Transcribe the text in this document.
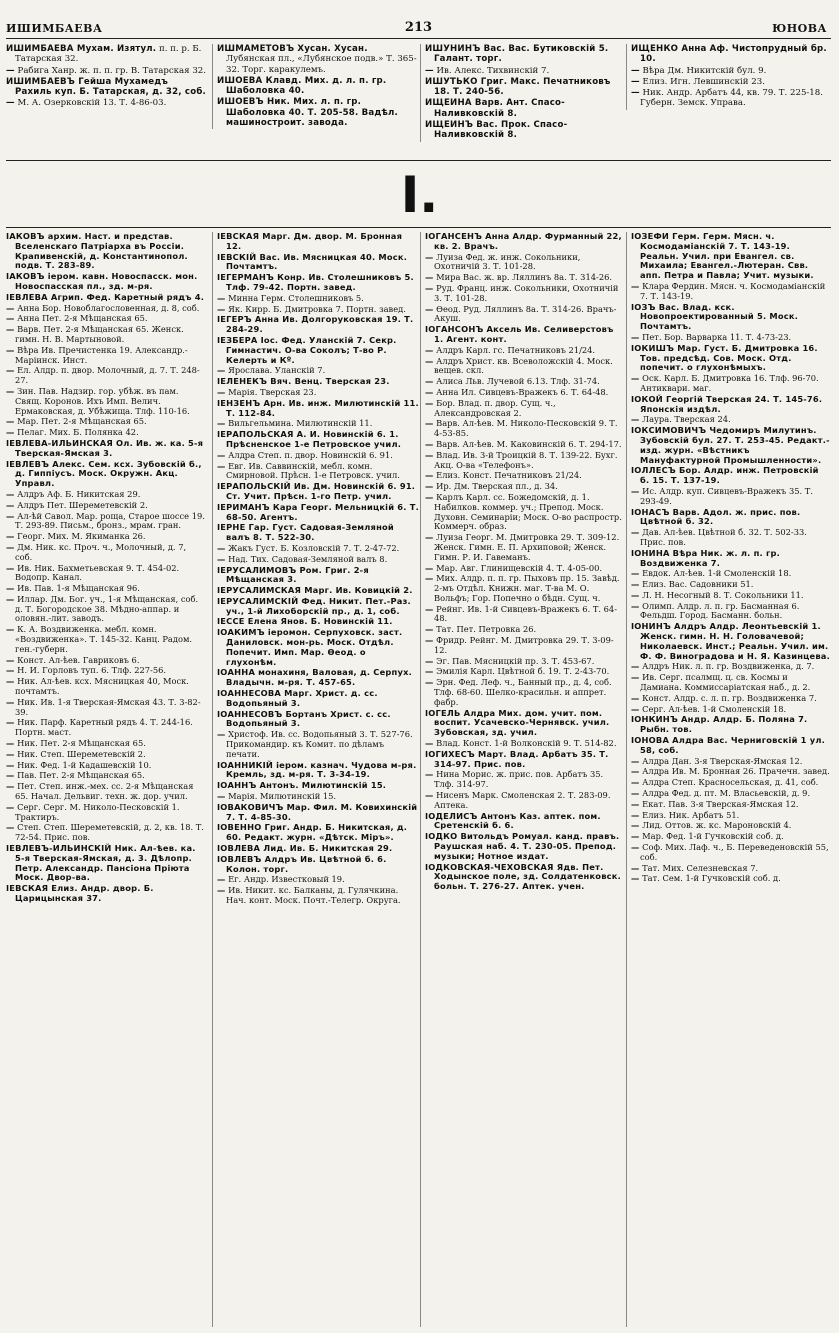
ИШИМБАЕВА	213	ЮНОВА
ИШИМБАЕВА Мухам. Изятул. п. п. р. Б. Татарская 32.
— Рабига Ханр. ж. п. п. гр. В. Татарская 32.
ИШИМБАЕВЪ Гейша Мухамедъ Рахиль куп. Б. Татарская, д. 32, соб.
— М. А. Озерковскій 13. Т. 4-86-03.
ИШМАМЕТОВЪ Хусан. Хусан. Лубянская пл., «Лубянское подв.» Т. 365-32. Торг. каракулемъ.
ИШОЕВА Клавд. Мих. д. л. п. гр. Шаболовка 40.
ИШОЕВЪ Ник. Мих. л. п. гр. Шаболовка 40. Т. 205-58. Вадѣл. машиностроит. завода.
ИШУНИНЪ Вас. Вас. Бутиковскій 5. Галант. торг.
— Ив. Алекс. Тихвинскій 7.
ИШУТЬКО Григ. Макс. Печатниковъ 18. Т. 240-56.
ИЩЕИНА Варв. Ант. Спасо-Наливковскій 8.
ИЩЕИНЪ Вас. Прок. Спасо-Наливковскій 8.
ИЩЕНКО Анна Аф. Чистопрудный бр. 10.
— Вѣра Дм. Никитскій бул. 9.
— Елиз. Игн. Левшинскій 23.
— Ник. Андр. Арбатъ 44, кв. 79. Т. 225-18. Губерн. Земск. Управа.
I.
IАКОВЪ архим. Наст. и представ. Вселенскаго Патріарха въ Россіи. Крапивенскій, д. Константинопол. подв. Т. 283-89.
IАКОВЪ іером. кавн. Новоспасск. мон. Новоспасская пл., зд. м-ря.
IЕВЛЕВА Агрип. Фед. Каретный рядъ 4.
— Анна Бор. Новоблагословенная, д. 8, соб.
— Анна Пет. 2-я Мѣщанская 65.
— Варв. Пет. 2-я Мѣщанская 65. Женск. гимн. Н. В. Мартыновой.
— Вѣра Ив. Пречистенка 19. Александр.-Маріинск. Инст.
— Ел. Алдр. п. двор. Молочный, д. 7. Т. 248-27.
— Зин. Пав. Надзир. гор. убѣж. въ пам. Свящ. Коронов. Ихъ Имп. Велич. Ермаковская, д. Убѣжища. Тлф. 110-16.
— Мар. Пет. 2-я Мѣщанская 65.
— Пелаг. Мих. Б. Полянка 42.
IЕВЛЕВА-ИЛЬИНСКАЯ Ол. Ив. ж. ка. 5-я Тверская-Ямская 3.
IЕВЛЕВЪ Алекс. Сем. ксх. Зубовскій б., д. Гиппіусъ. Моск. Окружн. Акц. Управл.
— Алдръ Аф. Б. Никитская 29.
— Алдръ Пет. Шереметевскій 2.
— Ал-ѣй Савол. Мар. роща, Старое шоссе 19. Т. 293-89. Письм., бронз., мрам. гран.
— Георг. Мих. М. Якиманка 26.
— Дм. Ник. кс. Проч. ч., Молочный, д. 7, соб.
— Ив. Ник. Бахметьевская 9. Т. 454-02. Водопр. Канал.
— Ив. Пав. 1-я Мѣщанская 96.
— Иллар. Дм. Бог. уч., 1-я Мѣщанская, соб. д. Т. Богородское 38. Мѣдно-аппар. и оловян.-лит. заводъ.
— К. А. Воздвиженка. мебл. комн. «Воздвиженка». Т. 145-32. Канц. Радом. ген.-губерн.
— Конст. Ал-ѣев. Гавриковъ 6.
— Н. И. Горловъ туп. 6. Тлф. 227-56.
— Ник. Ал-ѣев. ксх. Мясницкая 40, Моск. почтамтъ.
— Ник. Ив. 1-я Тверская-Ямская 43. Т. 3-82-39.
— Ник. Парф. Каретный рядъ 4. Т. 244-16. Портн. маст.
— Ник. Пет. 2-я Мѣщанская 65.
— Ник. Степ. Шереметевскій 2.
— Ник. Фед. 1-й Кадашевскій 10.
— Пав. Пет. 2-я Мѣщанская 65.
— Пет. Степ. инж.-мех. сс. 2-я Мѣщанская 65. Начал. Дельвиг. техн. ж. дор. учил.
— Серг. Серг. М. Николо-Песковскій 1. Трактиръ.
— Степ. Степ. Шереметевскій, д. 2, кв. 18. Т. 72-54. Прис. пов.
IЕВЛЕВЪ-ИЛЬИНСКІЙ Ник. Ал-ѣев. ка. 5-я Тверская-Ямская, д. 3. Дѣлопр. Петр. Александр. Пансіона Пріюта Моск. Двор-ва.
IЕВСКАЯ Елиз. Андр. двор. Б. Царицынская 37.
IЕВСКАЯ Марг. Дм. двор. М. Бронная 12.
IЕВСКІЙ Вас. Ив. Мясницкая 40. Моск. Почтамтъ.
IЕГЕРМАНЪ Конр. Ив. Столешниковъ 5. Тлф. 79-42. Портн. завед.
— Минна Герм. Столешниковъ 5.
— Як. Кирр. Б. Дмитровка 7. Портн. завед.
IЕГЕРЪ Анна Ив. Долгоруковская 19. Т. 284-29.
IЕЗБЕРА Іос. Фед. Уланскій 7. Секр. Гимнастич. О-ва Соколъ; Т-во Р. Келерть и Кº.
— Ярослава. Уланскій 7.
IЕЛЕНЕКЪ Вяч. Венц. Тверская 23.
— Марія. Тверская 23.
IЕНЗЕНЪ Арн. Ив. инж. Милютинскій 11. Т. 112-84.
— Вильгельмина. Милютинскій 11.
IЕРАПОЛЬСКАЯ А. И. Новинскій 6. 1. Прѣсненское 1-е Петровское учил.
— Алдра Степ. п. двор. Новинскій 6. 91.
— Евг. Ив. Саввинскій, мебл. комн. Смирновой. Прѣсн. 1-е Петровск. учил.
IЕРАПОЛЬСКІЙ Ив. Дм. Новинскій 6. 91. Ст. Учит. Прѣсн. 1-го Петр. учил.
IЕРИМАНЪ Кара Георг. Мельницкій 6. Т. 68-50. Агентъ.
IЕРНЕ Гар. Густ. Садовая-Земляной валъ 8. Т. 522-30.
— Жакъ Густ. Б. Козловскій 7. Т. 2-47-72.
— Над. Тих. Садовая-Земляной валъ 8.
IЕРУСАЛИМОВЪ Ром. Григ. 2-я Мѣщанская 3.
IЕРУСАЛИМСКАЯ Марг. Ив. Ковицкій 2.
IЕРУСАЛИМСКІЙ Фед. Никит. Пет.-Раз. уч., 1-й Лихоборскій пр., д. 1, соб.
IЕССЕ Елена Янов. Б. Новинскій 11.
IОАКИМЪ іеромон. Серпуховск. заст. Даниловск. мон-рь. Моск. Отдѣл. Попечит. Имп. Мар. Ѳеод. о глухонѣм.
IОАННА монахиня, Валовая, д. Серпух. Владычн. м-ря. Т. 457-65.
IОАННЕСОВА Марг. Христ. д. сс. Водопьяный 3.
IОАННЕСОВЪ Бортанъ Христ. с. сс. Водопьяный 3.
— Христоф. Ив. сс. Водопьяный 3. Т. 527-76. Прикомандир. къ Комит. по дѣламъ печати.
IОАННИКІЙ іером. казнач. Чудова м-ря. Кремль, зд. м-ря. Т. 3-34-19.
IОАННЪ Антонъ. Милютинскій 15.
— Марія. Милютинскій 15.
IОВАКОВИЧЪ Мар. Фил. М. Ковихинскій 7. Т. 4-85-30.
IОВЕННО Григ. Андр. Б. Никитская, д. 60. Редакт. журн. «Дѣтск. Міръ».
IОВЛЕВА Лид. Ив. Б. Никитская 29.
IОВЛЕВЪ Алдръ Ив. Цвѣтной б. 6. Колон. торг.
— Ег. Андр. Известковый 19.
— Ив. Никит. кс. Балканы, д. Гулячкина. Нач. конт. Моск. Почт.-Телегр. Округа.
IОГАНСЕНЪ Анна Алдр. Фурманный 22, кв. 2. Врачъ.
— Луиза Фед. ж. инж. Сокольники, Охотничій 3. Т. 101-28.
— Мира Вас. ж. вр. Ляллинъ 8а. Т. 314-26.
— Руд. Франц. инж. Сокольники, Охотничій 3. Т. 101-28.
— Ѳеод. Руд. Ляллинъ 8а. Т. 314-26. Врачъ-Акуш.
IОГАНСОНЪ Аксель Ив. Селиверстовъ 1. Агент. конт.
— Алдръ Карл. гс. Печатниковъ 21/24.
— Алдръ Христ. кв. Всеволожскій 4. Моск. вещев. скл.
— Алиса Льв. Лучевой 6.13. Тлф. 31-74.
— Анна Ил. Сивцевъ-Вражекъ 6. Т. 64-48.
— Бор. Влад. п. двор. Сущ. ч., Александровская 2.
— Варв. Ал-ѣев. М. Николо-Песковскій 9. Т. 4-53-85.
— Варв. Ал-ѣев. М. Каковинскій 6. Т. 294-17.
— Влад. Ив. 3-й Троицкій 8. Т. 139-22. Бухг. Акц. О-ва «Телефонъ».
— Елиз. Конст. Печатниковъ 21/24.
— Ир. Дм. Тверская пл., д. 34.
— Карлъ Карл. сс. Божедомскій, д. 1. Набилков. коммер. уч.; Препод. Моск. Духовн. Семинаріи; Моск. О-во распростр. Коммерч. образ.
— Луиза Георг. М. Дмитровка 29. Т. 309-12. Женск. Гимн. Е. П. Архиповой; Женск. Гимн. Р. И. Гавеманъ.
— Мар. Авг. Глинищевскій 4. Т. 4-05-00.
— Мих. Алдр. п. п. гр. Пыховъ пр. 15. Завѣд. 2-мъ Отдѣл. Книжн. маг. Т-ва М. О. Вольфъ; Гор. Попечно о бѣдн. Сущ. ч.
— Рейнг. Ив. 1-й Сивцевъ-Вражекъ 6. Т. 64-48.
— Тат. Пет. Петровка 26.
— Фридр. Рейнг. М. Дмитровка 29. Т. 3-09-12.
— Эг. Пав. Мясницкій пр. 3. Т. 453-67.
— Эмилія Карл. Цвѣтной б. 19. Т. 2-43-70.
— Эрн. Фед. Леф. ч., Банный пр., д. 4, соб. Тлф. 68-60. Шелко-красильн. и аппрет. фабр.
IОГЕЛЬ Алдра Мих. дом. учит. пом. воспит. Усачевско-Чернявск. учил. Зубовская, зд. учил.
— Влад. Конст. 1-й Волконскій 9. Т. 514-82.
IОГИХЕСЪ Март. Влад. Арбатъ 35. Т. 314-97. Прис. пов.
— Нина Морис. ж. прис. пов. Арбатъ 35. Тлф. 314-97.
— Нисенъ Марк. Смоленская 2. Т. 283-09. Аптека.
IОДЕЛИСЪ Антонъ Каз. аптек. пом. Сретенскій б. 6.
IОДКО Витольдъ Ромуал. канд. правъ. Раушская наб. 4. Т. 230-05. Препод. музыки; Нотное издат.
IОДКОВСКАЯ-ЧЕХОВСКАЯ Ядв. Пет. Ходынское поле, зд. Солдатенковск. больн. Т. 276-27. Аптек. учен.
IОЗЕФИ Герм. Герм. Мясн. ч. Космодаміанскій 7. Т. 143-19. Реальн. Учил. при Евангел. св. Михаила; Евангел.-Лютеран. Свв. апп. Петра и Павла; Учит. музыки.
— Клара Фердин. Мясн. ч. Космодаміанскій 7. Т. 143-19.
IОЗЪ Вас. Влад. кск. Новопроектированный 5. Моск. Почтамтъ.
— Пет. Бор. Варварка 11. Т. 4-73-23.
IОКИШЪ Мар. Густ. Б. Дмитровка 16. Тов. предсѣд. Сов. Моск. Отд. попечит. о глухонѣмыхъ.
— Оск. Карл. Б. Дмитровка 16. Тлф. 96-70. Антиквари. маг.
IОКОЙ Георгій Тверская 24. Т. 145-76. Японскія издѣл.
— Лаура. Тверская 24.
IОКСИМОВИЧЪ Чедомиръ Милутинъ. Зубовскій бул. 27. Т. 253-45. Редакт.-изд. журн. «Вѣстникъ Мануфактурной Промышленности».
IОЛЛЕСЪ Бор. Алдр. инж. Петровскій б. 15. Т. 137-19.
— Ис. Алдр. куп. Сивцевъ-Вражекъ 35. Т. 293-49.
IОНАСЪ Варв. Адол. ж. прис. пов. Цвѣтной б. 32.
— Дав. Ал-ѣев. Цвѣтной б. 32. Т. 502-33. Прис. пов.
IОНИНА Вѣра Ник. ж. л. п. гр. Воздвиженка 7.
— Евдок. Ал-ѣев. 1-й Смоленскій 18.
— Елиз. Вас. Садовники 51.
— Л. Н. Несогный 8. Т. Сокольники 11.
— Олимп. Алдр. л. п. гр. Басманная 6. Фельдш. Город. Басманн. больн.
IОНИНЪ Алдръ Алдр. Леонтьевскій 1. Женск. гимн. Н. Н. Головачевой; Николаевск. Инст.; Реальн. Учил. им. Ф. Ф. Виноградова и Н. Я. Казинцева.
— Алдръ Ник. л. п. гр. Воздвиженка, д. 7.
— Ив. Серг. псалмщ. ц. св. Космы и Дамиана. Коммиссаріатская наб., д. 2.
— Конст. Алдр. с. л. п. гр. Воздвиженка 7.
— Серг. Ал-ѣев. 1-й Смоленскій 18.
IОНКИНЪ Андр. Алдр. Б. Поляна 7. Рыбн. тов.
IОНОВА Алдра Вас. Черниговскій 1 ул. 58, соб.
— Алдра Дан. 3-я Тверская-Ямская 12.
— Алдра Ив. М. Бронная 26. Прачечн. завед.
— Алдра Степ. Красносельская, д. 41, соб.
— Алдра Фед. д. пт. М. Власьевскій, д. 9.
— Екат. Пав. 3-я Тверская-Ямская 12.
— Елиз. Ник. Арбатъ 51.
— Лид. Оттов. ж. кс. Мароновскій 4.
— Мар. Фед. 1-й Гучковскій соб. д.
— Соф. Мих. Лаф. ч., Б. Переведеновскій 55, соб.
— Тат. Мих. Селезневская 7.
— Тат. Сем. 1-й Гучковскій соб. д.
